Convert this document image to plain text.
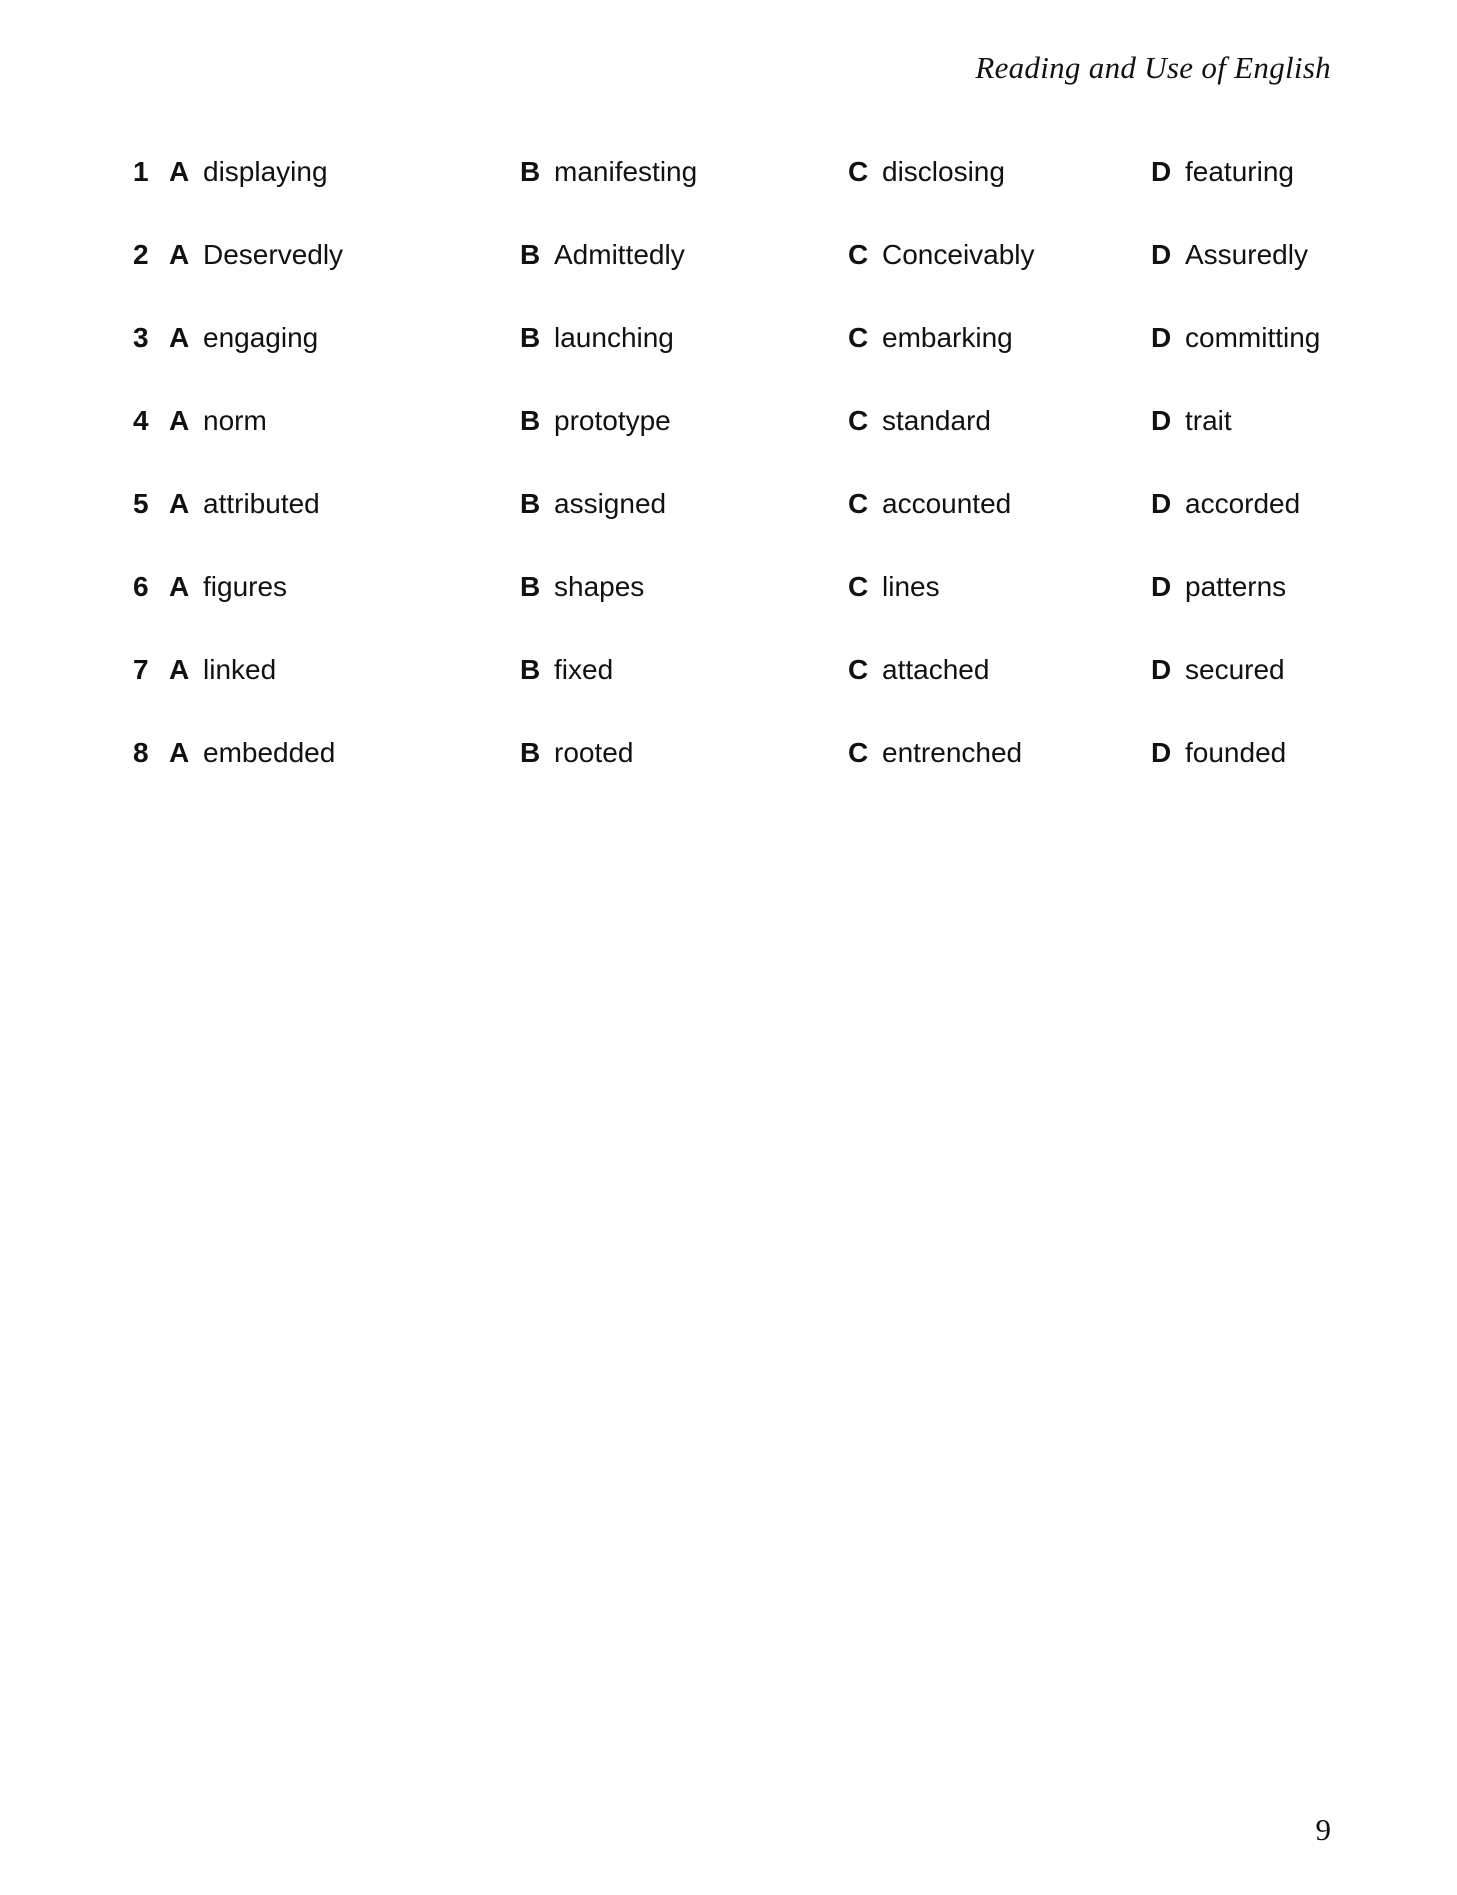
Reading and Use of English
1 A displaying	B manifesting	C disclosing	D featuring
2 A Deservedly	B Admittedly	C Conceivably	D Assuredly
3 A engaging	B launching	C embarking	D committing
4 A norm	B prototype	C standard	D trait
5 A attributed	B assigned	C accounted	D accorded
6 A figures	B shapes	C lines	D patterns
7 A linked	B fixed	C attached	D secured
8 A embedded	B rooted	C entrenched	D founded

9
